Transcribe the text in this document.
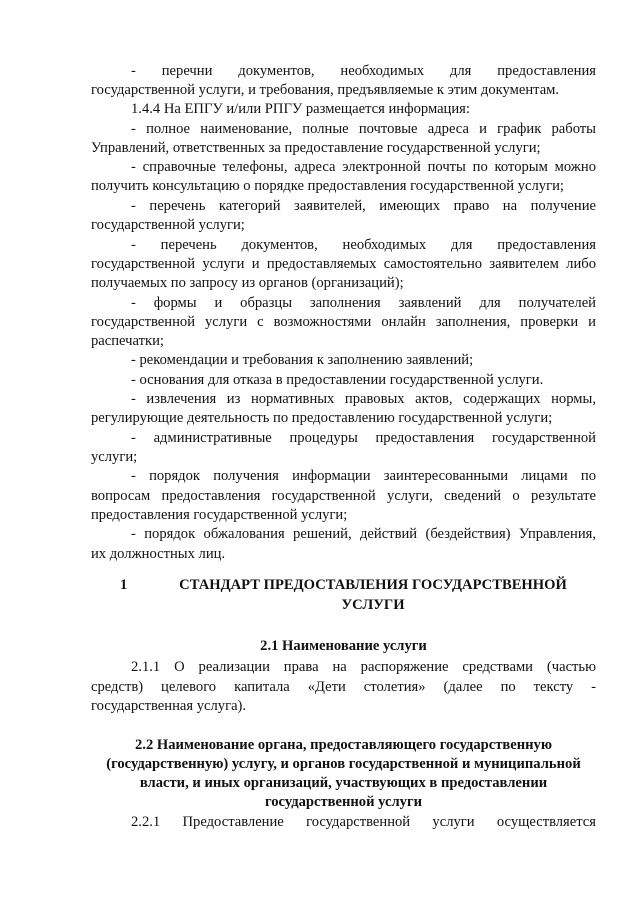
- перечни документов, необходимых для предоставления
государственной услуги, и требования, предъявляемые к этим документам.
1.4.4 На ЕПГУ и/или РПГУ размещается информация:
- полное наименование, полные почтовые адреса и график работы
Управлений, ответственных за предоставление государственной услуги;
- справочные телефоны, адреса электронной почты по которым можно
получить консультацию о порядке предоставления государственной услуги;
- перечень категорий заявителей, имеющих право на получение
государственной услуги;
- перечень документов, необходимых для предоставления
государственной услуги и предоставляемых самостоятельно заявителем либо
получаемых по запросу из органов (организаций);
- формы и образцы заполнения заявлений для получателей
государственной услуги с возможностями онлайн заполнения, проверки и
распечатки;
- рекомендации и требования к заполнению заявлений;
- основания для отказа в предоставлении государственной услуги.
- извлечения из нормативных правовых актов, содержащих нормы,
регулирующие деятельность по предоставлению государственной услуги;
- административные процедуры предоставления государственной
услуги;
- порядок получения информации заинтересованными лицами по
вопросам предоставления государственной услуги, сведений о результате
предоставления государственной услуги;
- порядок обжалования решений, действий (бездействия) Управления,
их должностных лиц.
1	СТАНДАРТ ПРЕДОСТАВЛЕНИЯ ГОСУДАРСТВЕННОЙ
УСЛУГИ
2.1 Наименование услуги
2.1.1 О реализации права на распоряжение средствами (частью
средств) целевого капитала «Дети столетия» (далее по тексту -
государственная услуга).
2.2 Наименование органа, предоставляющего государственную
(государственную) услугу, и органов государственной и муниципальной
власти, и иных организаций, участвующих в предоставлении
государственной услуги
2.2.1 Предоставление государственной услуги осуществляется
